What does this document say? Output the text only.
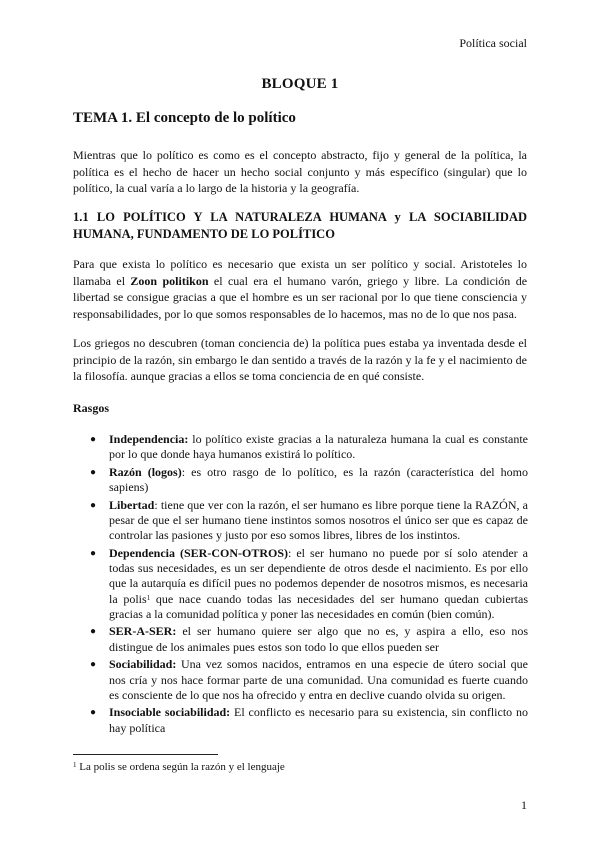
Política social
BLOQUE 1
TEMA 1. El concepto de lo político

Mientras que lo político es como es el concepto abstracto, fijo y general de la política, la política es el hecho de hacer un hecho social conjunto y más específico (singular) que lo político, la cual varía a lo largo de la historia y la geografía.

1.1 LO POLÍTICO Y LA NATURALEZA HUMANA y LA SOCIABILIDAD HUMANA, FUNDAMENTO DE LO POLÍTICO

Para que exista lo político es necesario que exista un ser político y social. Aristoteles lo llamaba el Zoon politikon el cual era el humano varón, griego y libre. La condición de libertad se consigue gracias a que el hombre es un ser racional por lo que tiene consciencia y responsabilidades, por lo que somos responsables de lo hacemos, mas no de lo que nos pasa.

Los griegos no descubren (toman conciencia de) la política pues estaba ya inventada desde el principio de la razón, sin embargo le dan sentido a través de la razón y la fe y el nacimiento de la filosofía. aunque gracias a ellos se toma conciencia de en qué consiste.

Rasgos
● Independencia: lo político existe gracias a la naturaleza humana la cual es constante por lo que donde haya humanos existirá lo político.
● Razón (logos): es otro rasgo de lo político, es la razón (característica del homo sapiens)
● Libertad: tiene que ver con la razón, el ser humano es libre porque tiene la RAZÓN, a pesar de que el ser humano tiene instintos somos nosotros el único ser que es capaz de controlar las pasiones y justo por eso somos libres, libres de los instintos.
● Dependencia (SER-CON-OTROS): el ser humano no puede por sí solo atender a todas sus necesidades, es un ser dependiente de otros desde el nacimiento. Es por ello que la autarquía es difícil pues no podemos depender de nosotros mismos, es necesaria la polis$^1$ que nace cuando todas las necesidades del ser humano quedan cubiertas gracias a la comunidad política y poner las necesidades en común (bien común).
● SER-A-SER: el ser humano quiere ser algo que no es, y aspira a ello, eso nos distingue de los animales pues estos son todo lo que ellos pueden ser
● Sociabilidad: Una vez somos nacidos, entramos en una especie de útero social que nos cría y nos hace formar parte de una comunidad. Una comunidad es fuerte cuando es consciente de lo que nos ha ofrecido y entra en declive cuando olvida su origen.
● Insociable sociabilidad: El conflicto es necesario para su existencia, sin conflicto no hay política
$^1$ La polis se ordena según la razón y el lenguaje
1
